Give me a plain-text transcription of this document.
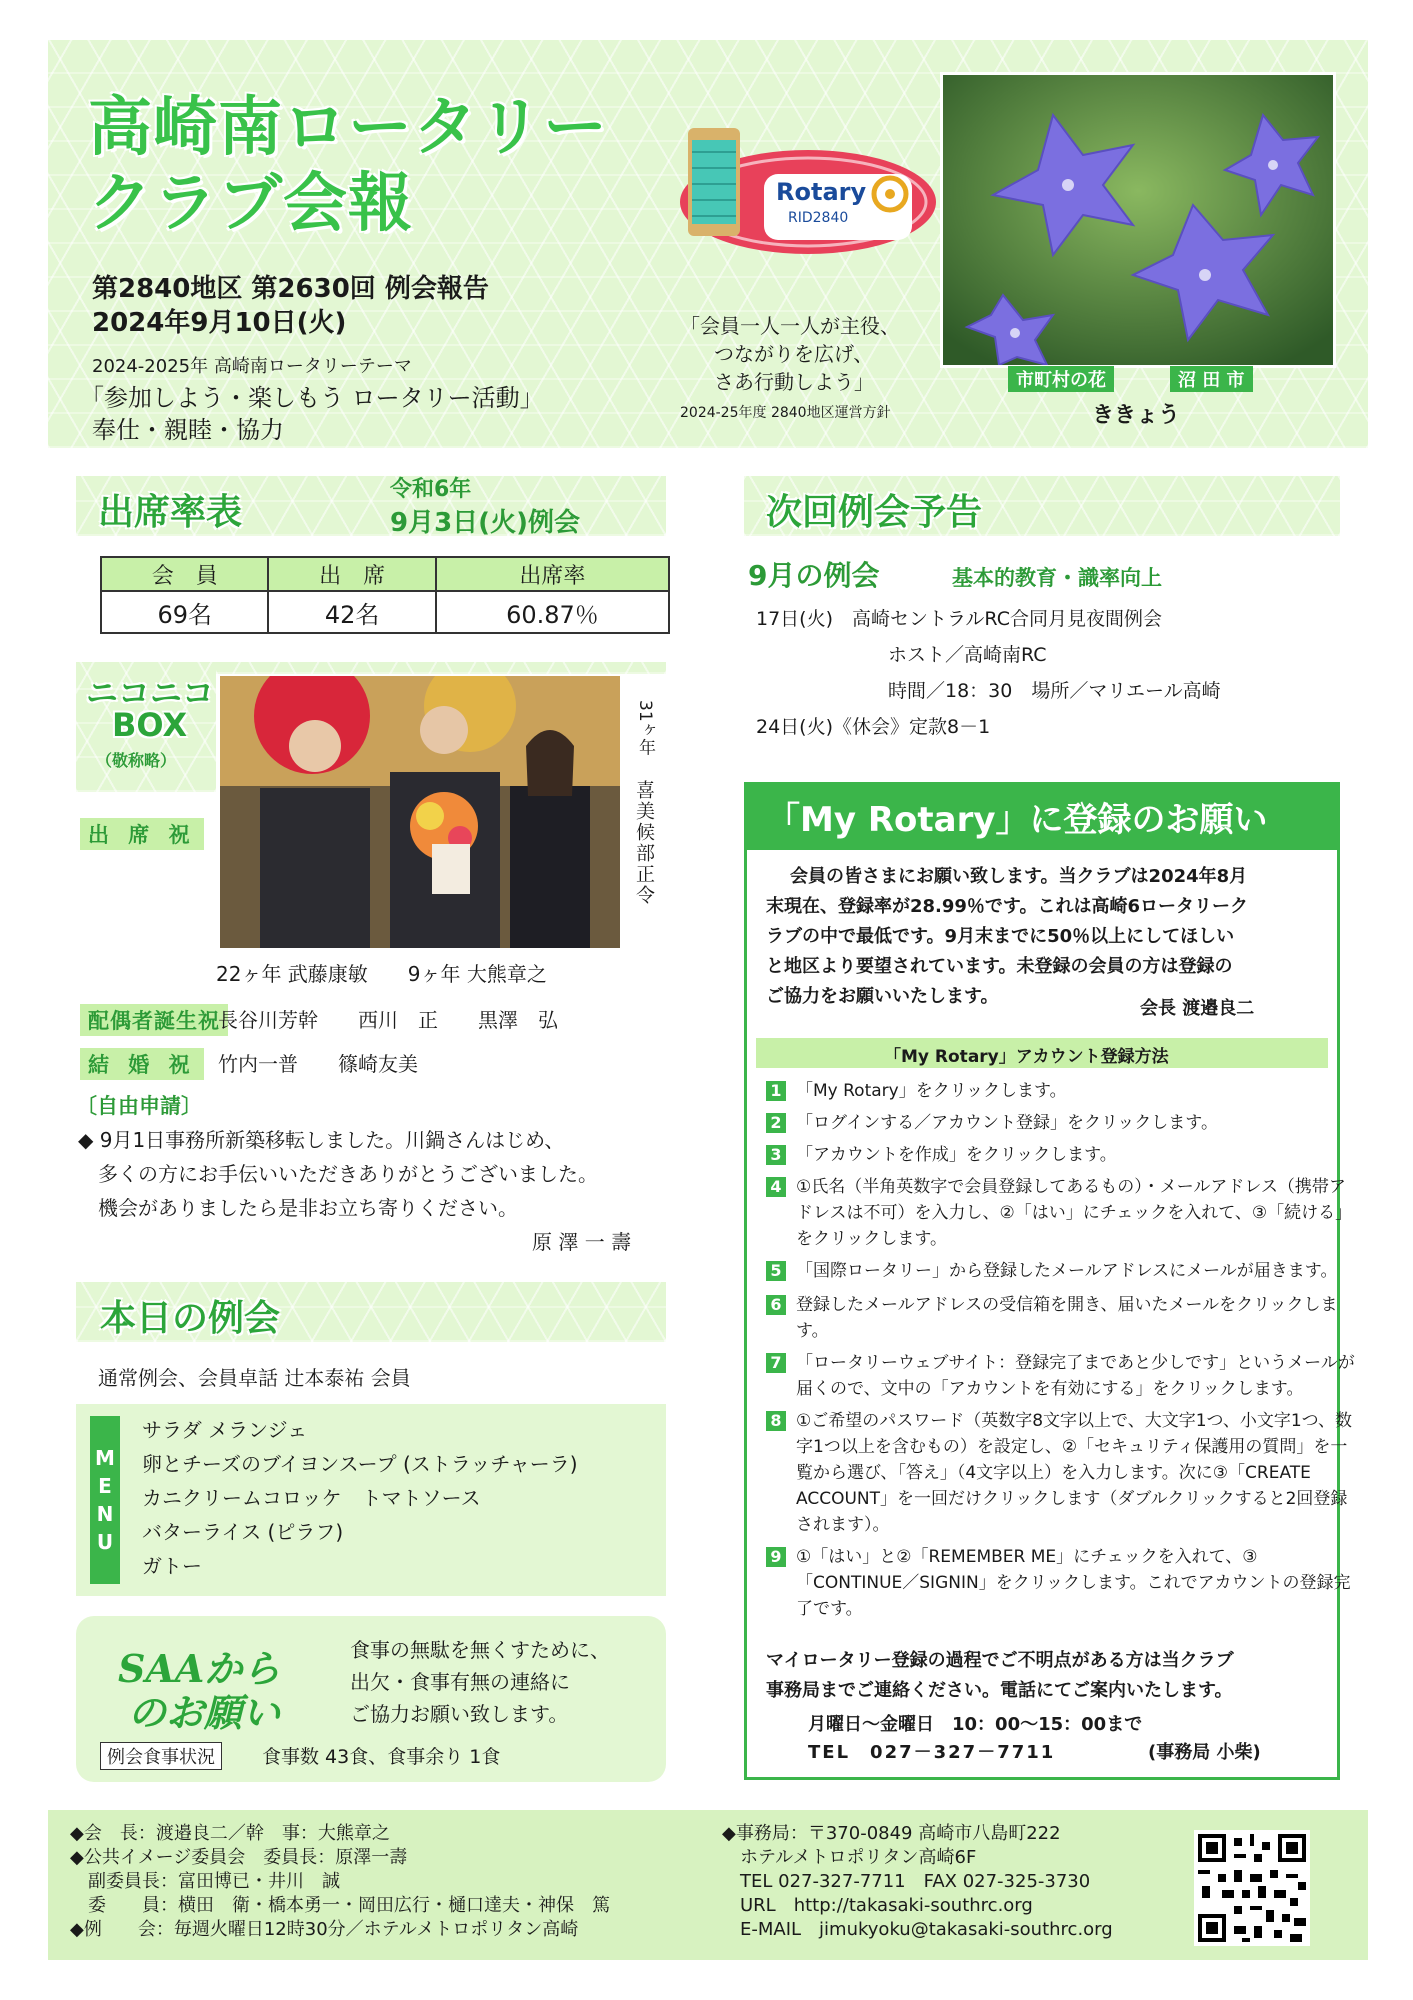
高崎南ロータリー
クラブ会報
第2840地区 第2630回 例会報告
2024年9月10日(火)
2024-2025年 高崎南ロータリーテーマ
「参加しよう・楽しもう ロータリー活動」
奉仕・親睦・協力
Rotary
RID2840
「会員一人一人が主役、
つながりを広げ、
さあ行動しよう」
2024-25年度 2840地区運営方針
市町村の花	沼 田 市
ききょう
出席率表
令和6年
9月3日(火)例会
会　員	出　席	出席率
69名	42名	60.87％
ニコニコ
BOX
（敬称略）
31ヶ年
喜美候部正令
出 席 祝
22ヶ年 武藤康敏　　9ヶ年 大熊章之
配偶者誕生祝
長谷川芳幹　　西川　正　　黒澤　弘
結 婚 祝	竹内一普　　篠崎友美
〔自由申請〕
◆ 9月1日事務所新築移転しました。川鍋さんはじめ、
多くの方にお手伝いいただきありがとうございました。
機会がありましたら是非お立ち寄りください。
原 澤 一 壽
本日の例会
通常例会、会員卓話 辻本泰祐 会員
MENU
サラダ メランジェ
卵とチーズのブイヨンスープ (ストラッチャーラ)
カニクリームコロッケ　トマトソース
バターライス (ピラフ)
ガトー
SAAから
のお願い
食事の無駄を無くすために、
出欠・食事有無の連絡に
ご協力お願い致します。
例会食事状況	食事数 43食、食事余り 1食
次回例会予告
9月の例会	基本的教育・識率向上
17日(火)　高崎セントラルRC合同月見夜間例会
ホスト／高崎南RC
時間／18：30　場所／マリエール高崎
24日(火)《休会》定款8－1
「My Rotary」に登録のお願い
会員の皆さまにお願い致します。当クラブは2024年8月
末現在、登録率が28.99％です。これは高崎6ロータリーク
ラブの中で最低です。9月末までに50％以上にしてほしい
と地区より要望されています。未登録の会員の方は登録の
ご協力をお願いいたします。
会長 渡邉良二
「My Rotary」アカウント登録方法
1 「My Rotary」をクリックします。
2 「ログインする／アカウント登録」をクリックします。
3 「アカウントを作成」をクリックします。
4 ①氏名（半角英数字で会員登録してあるもの）・メールアドレス（携帯アドレスは不可）を入力し、②「はい」にチェックを入れて、③「続ける」をクリックします。
5 「国際ロータリー」から登録したメールアドレスにメールが届きます。
6 登録したメールアドレスの受信箱を開き、届いたメールをクリックします。
7 「ロータリーウェブサイト：登録完了まであと少しです」というメールが届くので、文中の「アカウントを有効にする」をクリックします。
8 ①ご希望のパスワード（英数字8文字以上で、大文字1つ、小文字1つ、数字1つ以上を含むもの）を設定し、②「セキュリティ保護用の質問」を一覧から選び、「答え」（4文字以上）を入力します。次に③「CREATE ACCOUNT」を一回だけクリックします（ダブルクリックすると2回登録されます）。
9 ①「はい」と②「REMEMBER ME」にチェックを入れて、③「CONTINUE／SIGNIN」をクリックします。これでアカウントの登録完了です。
マイロータリー登録の過程でご不明点がある方は当クラブ
事務局までご連絡ください。電話にてご案内いたします。
月曜日～金曜日　10：00～15：00まで
TEL　027－327－7711	(事務局 小柴)
◆会　長：渡邉良二／幹　事：大熊章之
◆公共イメージ委員会　委員長：原澤一壽
　副委員長：富田博已・井川　誠
　委　　員：横田　衛・橋本勇一・岡田広行・樋口達夫・神保　篤
◆例　　会：毎週火曜日12時30分／ホテルメトロポリタン高崎
◆事務局：〒370-0849 高崎市八島町222
　ホテルメトロポリタン高崎6F
　TEL 027-327-7711　FAX 027-325-3730
　URL　http://takasaki-southrc.org
　E-MAIL　jimukyoku@takasaki-southrc.org
